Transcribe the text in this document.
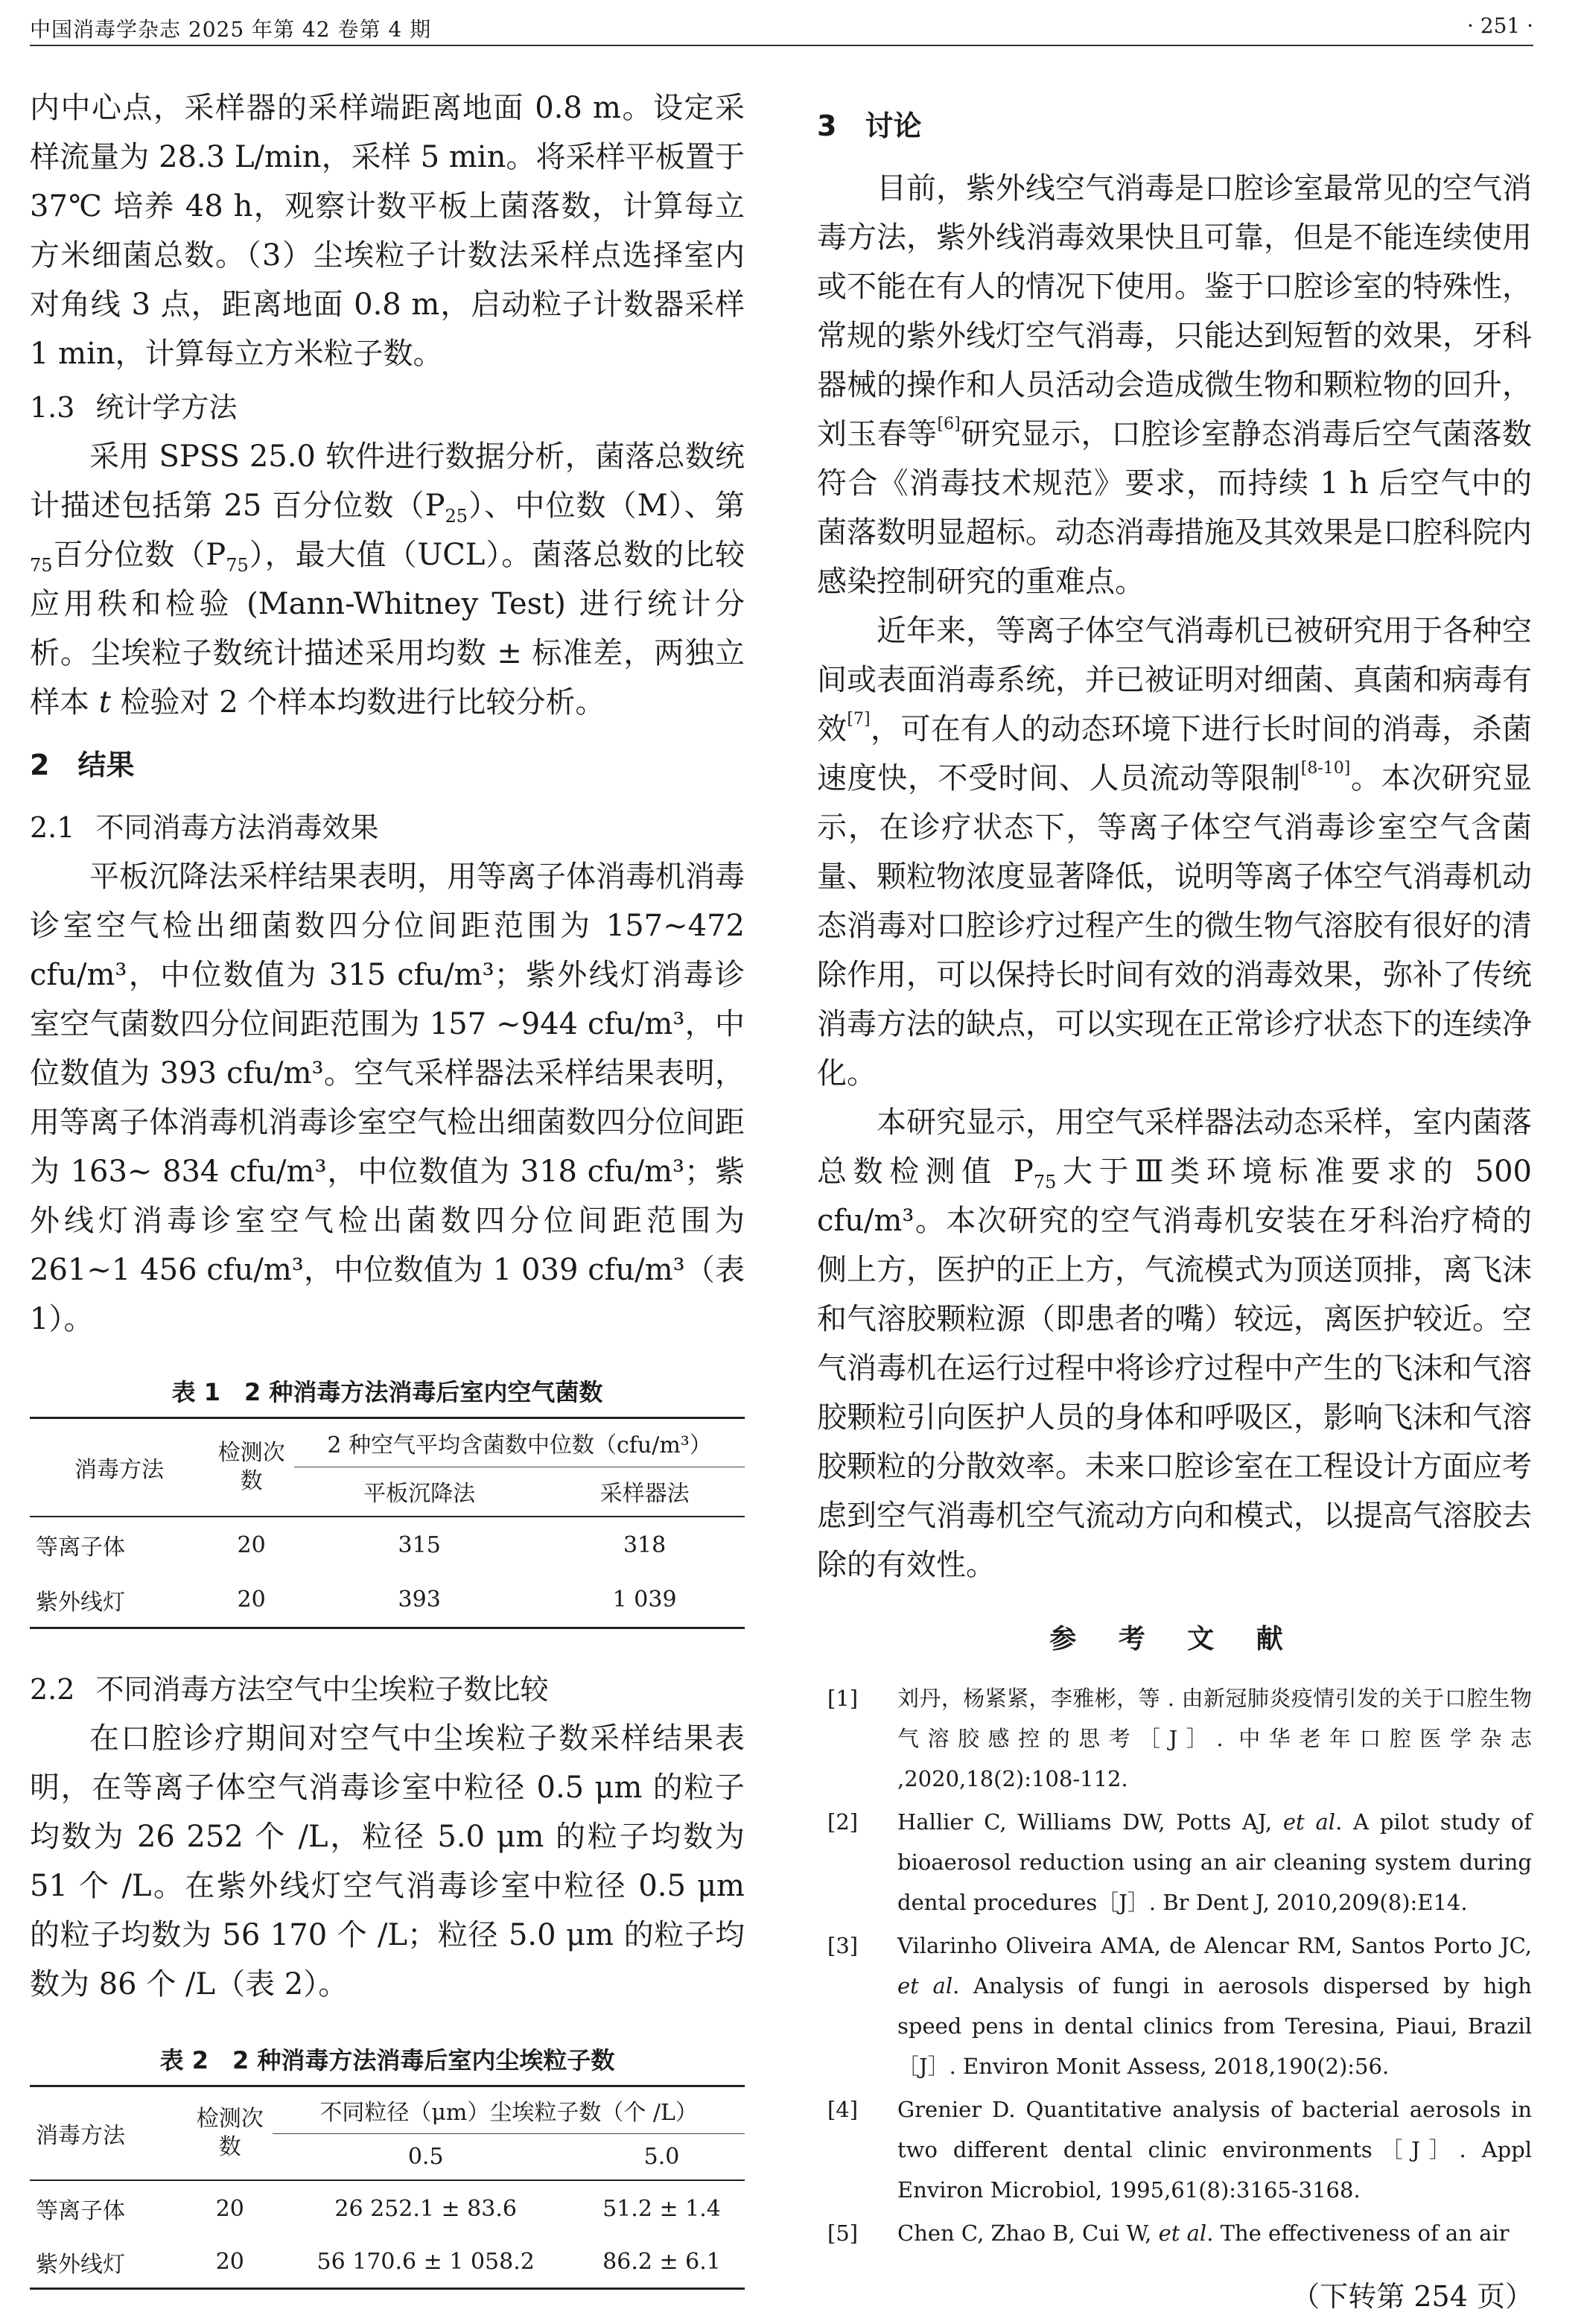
中国消毒学杂志 2025 年第 42 卷第 4 期	· 251 ·

内中心点，采样器的采样端距离地面 0.8 m。设定采样流量为 28.3 L/min，采样 5 min。将采样平板置于 37℃ 培养 48 h，观察计数平板上菌落数，计算每立方米细菌总数。（3）尘埃粒子计数法采样点选择室内对角线 3 点，距离地面 0.8 m，启动粒子计数器采样 1 min，计算每立方米粒子数。

1.3 统计学方法

采用 SPSS 25.0 软件进行数据分析，菌落总数统计描述包括第 25 百分位数$(P_{25})$、中位数（M）、第$_{75}$百分位数$(P_{75})$，最大值（UCL）。菌落总数的比较应用秩和检验 (Mann-Whitney Test) 进行统计分析。尘埃粒子数统计描述采用均数 ± 标准差，两独立样本 t 检验对 2 个样本均数进行比较分析。

2　结果
2.1 不同消毒方法消毒效果

平板沉降法采样结果表明，用等离子体消毒机消毒诊室空气检出细菌数四分位间距范围为 157~472 cfu/m³，中位数值为 315 cfu/m³；紫外线灯消毒诊室空气菌数四分位间距范围为 157 ~944 cfu/m³，中位数值为 393 cfu/m³。空气采样器法采样结果表明，用等离子体消毒机消毒诊室空气检出细菌数四分位间距为 163~ 834 cfu/m³，中位数值为 318 cfu/m³；紫外线灯消毒诊室空气检出菌数四分位间距范围为 261~1 456 cfu/m³，中位数值为 1 039 cfu/m³（表 1）。

表 1　2 种消毒方法消毒后室内空气菌数
消毒方法	检测次数	2 种空气平均含菌数中位数（cfu/m³）	
		平板沉降法	采样器法
等离子体	20	315	318
紫外线灯	20	393	1 039
2.2 不同消毒方法空气中尘埃粒子数比较

在口腔诊疗期间对空气中尘埃粒子数采样结果表明，在等离子体空气消毒诊室中粒径 0.5 μm 的粒子均数为 26 252 个 /L，粒径 5.0 μm 的粒子均数为 51 个 /L。在紫外线灯空气消毒诊室中粒径 0.5 μm 的粒子均数为 56 170 个 /L；粒径 5.0 μm 的粒子均数为 86 个 /L（表 2）。

表 2　2 种消毒方法消毒后室内尘埃粒子数
消毒方法	检测次数	不同粒径（μm）尘埃粒子数（个 /L）	
		0.5	5.0
等离子体	20	26 252.1 ± 83.6	51.2 ± 1.4
紫外线灯	20	56 170.6 ± 1 058.2	86.2 ± 6.1
3　讨论

目前，紫外线空气消毒是口腔诊室最常见的空气消毒方法，紫外线消毒效果快且可靠，但是不能连续使用或不能在有人的情况下使用。鉴于口腔诊室的特殊性，常规的紫外线灯空气消毒，只能达到短暂的效果，牙科器械的操作和人员活动会造成微生物和颗粒物的回升，刘玉春等[6]研究显示，口腔诊室静态消毒后空气菌落数符合《消毒技术规范》要求，而持续 1 h 后空气中的菌落数明显超标。动态消毒措施及其效果是口腔科院内感染控制研究的重难点。

近年来，等离子体空气消毒机已被研究用于各种空间或表面消毒系统，并已被证明对细菌、真菌和病毒有效[7]，可在有人的动态环境下进行长时间的消毒，杀菌速度快，不受时间、人员流动等限制[8-10]。本次研究显示，在诊疗状态下，等离子体空气消毒诊室空气含菌量、颗粒物浓度显著降低，说明等离子体空气消毒机动态消毒对口腔诊疗过程产生的微生物气溶胶有很好的清除作用，可以保持长时间有效的消毒效果，弥补了传统消毒方法的缺点，可以实现在正常诊疗状态下的连续净化。

本研究显示，用空气采样器法动态采样，室内菌落总数检测值 $P_{75}$大于Ⅲ类环境标准要求的 500 cfu/m³。本次研究的空气消毒机安装在牙科治疗椅的侧上方，医护的正上方，气流模式为顶送顶排，离飞沫和气溶胶颗粒源（即患者的嘴）较远，离医护较近。空气消毒机在运行过程中将诊疗过程中产生的飞沫和气溶胶颗粒引向医护人员的身体和呼吸区，影响飞沫和气溶胶颗粒的分散效率。未来口腔诊室在工程设计方面应考虑到空气消毒机空气流动方向和模式，以提高气溶胶去除的有效性。

参 考 文 献
[1] 刘丹，杨紧紧，李雅彬，等 . 由新冠肺炎疫情引发的关于口腔生物气溶胶感控的思考［J］. 中华老年口腔医学杂志 ,2020,18(2):108-112.
[2] Hallier C, Williams DW, Potts AJ, et al. A pilot study of bioaerosol reduction using an air cleaning system during dental procedures［J］. Br Dent J, 2010,209(8):E14.
[3] Vilarinho Oliveira AMA, de Alencar RM, Santos Porto JC, et al. Analysis of fungi in aerosols dispersed by high speed pens in dental clinics from Teresina, Piaui, Brazil［J］. Environ Monit Assess, 2018,190(2):56.
[4] Grenier D. Quantitative analysis of bacterial aerosols in two different dental clinic environments［J］. Appl Environ Microbiol, 1995,61(8):3165-3168.
[5] Chen C, Zhao B, Cui W, et al. The effectiveness of an air
（下转第 254 页）
